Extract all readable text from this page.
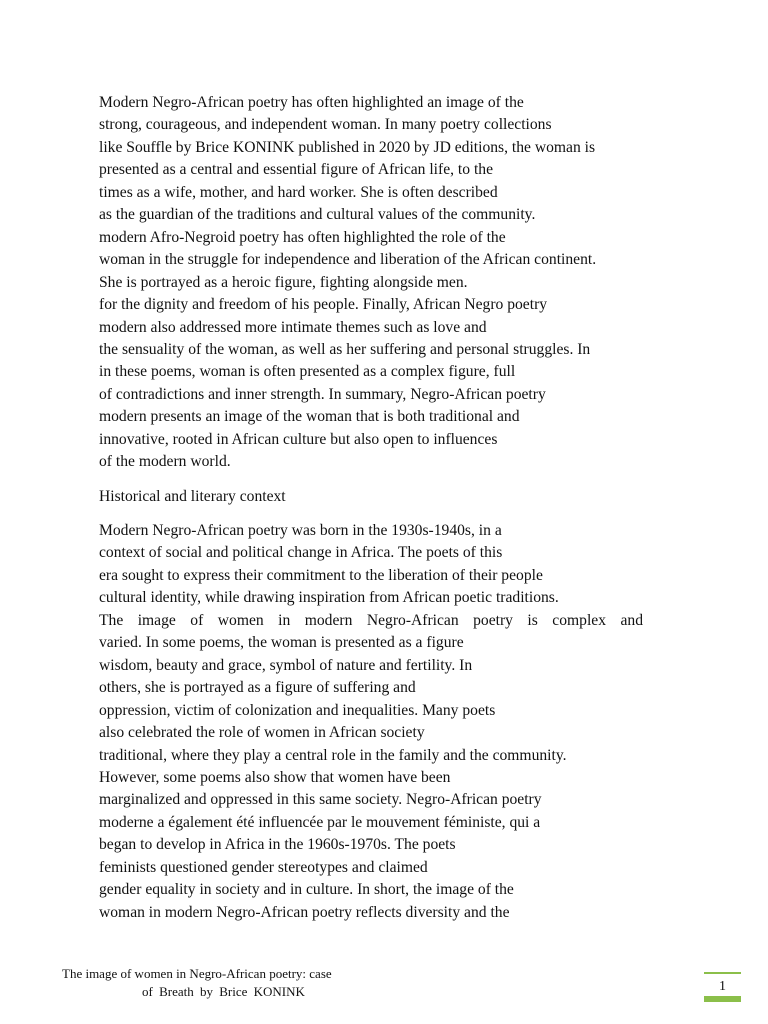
Modern Negro-African poetry has often highlighted an image of the
strong, courageous, and independent woman. In many poetry collections
like Souffle by Brice KONINK published in 2020 by JD editions, the woman is
presented as a central and essential figure of African life, to the
times as a wife, mother, and hard worker. She is often described
as the guardian of the traditions and cultural values of the community.
modern Afro-Negroid poetry has often highlighted the role of the
woman in the struggle for independence and liberation of the African continent.
She is portrayed as a heroic figure, fighting alongside men.
for the dignity and freedom of his people. Finally, African Negro poetry
modern also addressed more intimate themes such as love and
the sensuality of the woman, as well as her suffering and personal struggles. In
in these poems, woman is often presented as a complex figure, full
of contradictions and inner strength. In summary, Negro-African poetry
modern presents an image of the woman that is both traditional and
innovative, rooted in African culture but also open to influences
of the modern world.
Historical and literary context
Modern Negro-African poetry was born in the 1930s-1940s, in a
context of social and political change in Africa. The poets of this
era sought to express their commitment to the liberation of their people
cultural identity, while drawing inspiration from African poetic traditions.
The image of women in modern Negro-African poetry is complex and
varied. In some poems, the woman is presented as a figure
wisdom, beauty and grace, symbol of nature and fertility. In
others, she is portrayed as a figure of suffering and
oppression, victim of colonization and inequalities. Many poets
also celebrated the role of women in African society
traditional, where they play a central role in the family and the community.
However, some poems also show that women have been
marginalized and oppressed in this same society. Negro-African poetry
moderne a également été influencée par le mouvement féministe, qui a
began to develop in Africa in the 1960s-1970s. The poets
feminists questioned gender stereotypes and claimed
gender equality in society and in culture. In short, the image of the
woman in modern Negro-African poetry reflects diversity and the
The image of women in Negro-African poetry: case
of Breath by Brice KONINK	1
